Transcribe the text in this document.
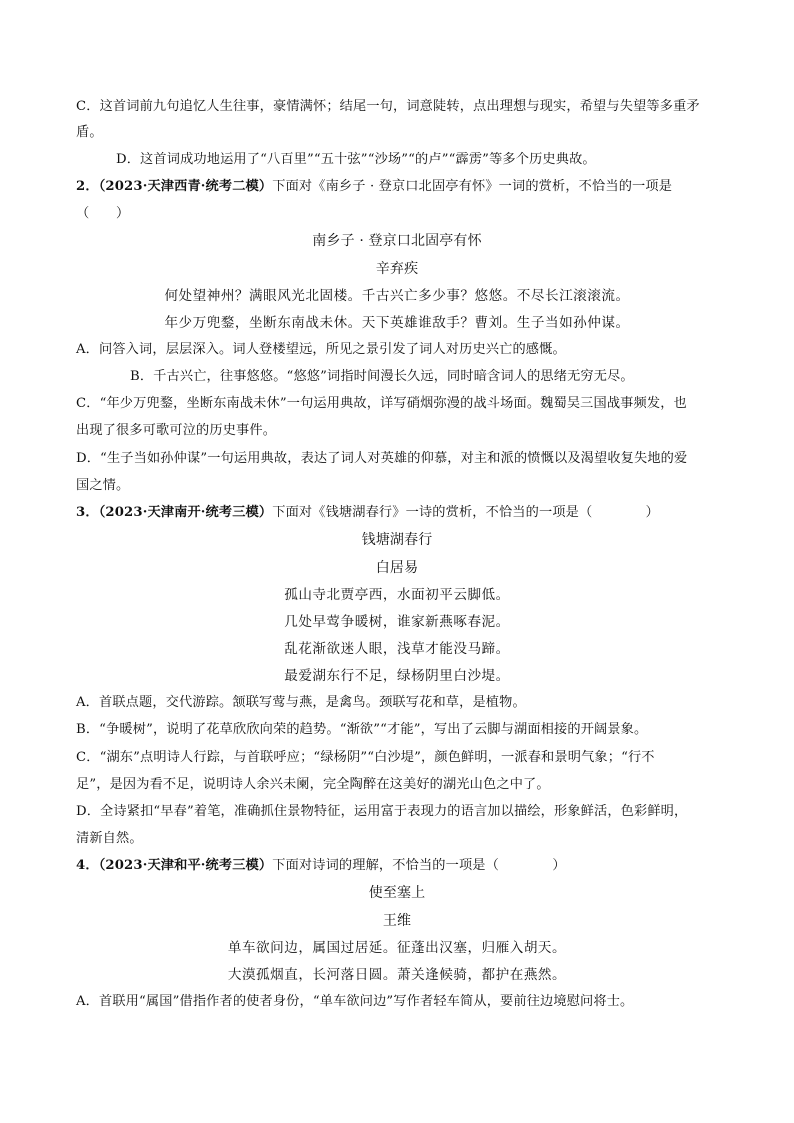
C．这首词前九句追忆人生往事，豪情满怀；结尾一句，词意陡转，点出理想与现实，希望与失望等多重矛
盾。
D．这首词成功地运用了“八百里”“五十弦”“沙场”“的卢”“霹雳”等多个历史典故。
2．（2023·天津西青·统考二模）下面对《南乡子 · 登京口北固亭有怀》一词的赏析，不恰当的一项是
（　　）
南乡子 · 登京口北固亭有怀
辛弃疾
何处望神州？满眼风光北固楼。千古兴亡多少事？悠悠。不尽长江滚滚流。
年少万兜鍪，坐断东南战未休。天下英雄谁敌手？曹刘。生子当如孙仲谋。
A．问答入词，层层深入。词人登楼望远，所见之景引发了词人对历史兴亡的感慨。
B．千古兴亡，往事悠悠。“悠悠”词指时间漫长久远，同时暗含词人的思绪无穷无尽。
C．“年少万兜鍪，坐断东南战未休”一句运用典故，详写硝烟弥漫的战斗场面。魏蜀吴三国战事频发，也
出现了很多可歌可泣的历史事件。
D．“生子当如孙仲谋”一句运用典故，表达了词人对英雄的仰慕，对主和派的愤慨以及渴望收复失地的爱
国之情。
3．（2023·天津南开·统考三模）下面对《钱塘湖春行》一诗的赏析，不恰当的一项是（　　　　）
钱塘湖春行
白居易
孤山寺北贾亭西，水面初平云脚低。
几处早莺争暖树，谁家新燕啄春泥。
乱花渐欲迷人眼，浅草才能没马蹄。
最爱湖东行不足，绿杨阴里白沙堤。
A．首联点题，交代游踪。颔联写莺与燕，是禽鸟。颈联写花和草，是植物。
B．“争暖树”，说明了花草欣欣向荣的趋势。“渐欲”“才能”，写出了云脚与湖面相接的开阔景象。
C．“湖东”点明诗人行踪，与首联呼应；“绿杨阴”“白沙堤”，颜色鲜明，一派春和景明气象；“行不
足”，是因为看不足，说明诗人余兴未阑，完全陶醉在这美好的湖光山色之中了。
D．全诗紧扣“早春”着笔，准确抓住景物特征，运用富于表现力的语言加以描绘，形象鲜活，色彩鲜明，
清新自然。
4．（2023·天津和平·统考三模）下面对诗词的理解，不恰当的一项是（　　　　）
使至塞上
王维
单车欲问边，属国过居延。征蓬出汉塞，归雁入胡天。
大漠孤烟直，长河落日圆。萧关逢候骑，都护在燕然。
A．首联用“属国”借指作者的使者身份，“单车欲问边”写作者轻车简从，要前往边境慰问将士。
